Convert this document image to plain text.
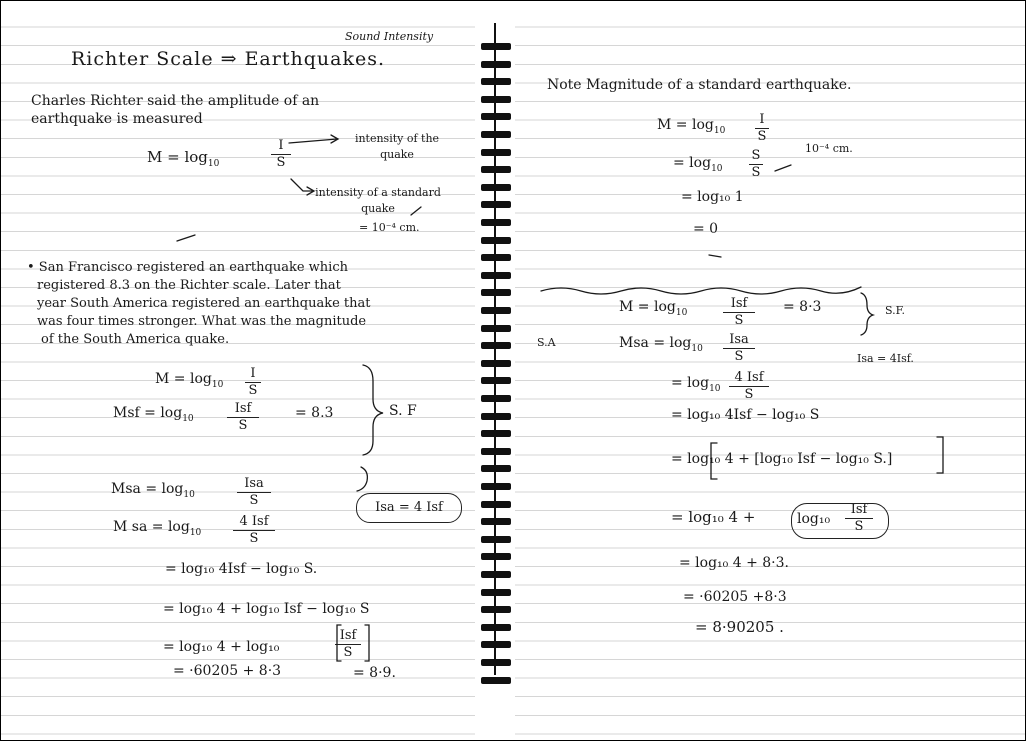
Sound Intensity
Richter Scale ⇒ Earthquakes.
Charles Richter said the amplitude of an
earthquake is measured
$M = \log_{10}$
I
S
intensity of the quake
intensity of a standard quake
= 10⁻⁴ cm.
• San Francisco registered an earthquake which
registered 8.3 on the Richter scale. Later that
year South America registered an earthquake that
was four times stronger. What was the magnitude
of the South America quake.
$M = \log_{10}$
I
S
Msf = $\log_{10}$
Isf
S
= 8.3	S. F
Msa = $\log_{10}$
Isa
S	Isa = 4 Isf
M sa = $\log_{10}$
4 Isf
S
= log₁₀ 4Isf − log₁₀ S.
= log₁₀ 4 + log₁₀ Isf − log₁₀ S
= log₁₀ 4 + log₁₀
Isf
S
= ·60205 + 8·3	= 8·9.
Note Magnitude of a standard earthquake.
$M = \log_{10}$
I
S
= $\log_{10}$
S
S
10⁻⁴ cm.
= log₁₀ 1
= 0
$M = \log_{10}$
Isf
S
= 8·3	S.F.
S.A	Msa = $\log_{10}$
Isa
S	Isa = 4Isf.
= $\log_{10}$
4 Isf
S
= log₁₀ 4Isf − log₁₀ S
= log₁₀ 4 + [log₁₀ Isf − log₁₀ S.]
= log₁₀ 4 +	log₁₀
Isf
S
= log₁₀ 4 + 8·3.
= ·60205 +8·3
= 8·90205 .
